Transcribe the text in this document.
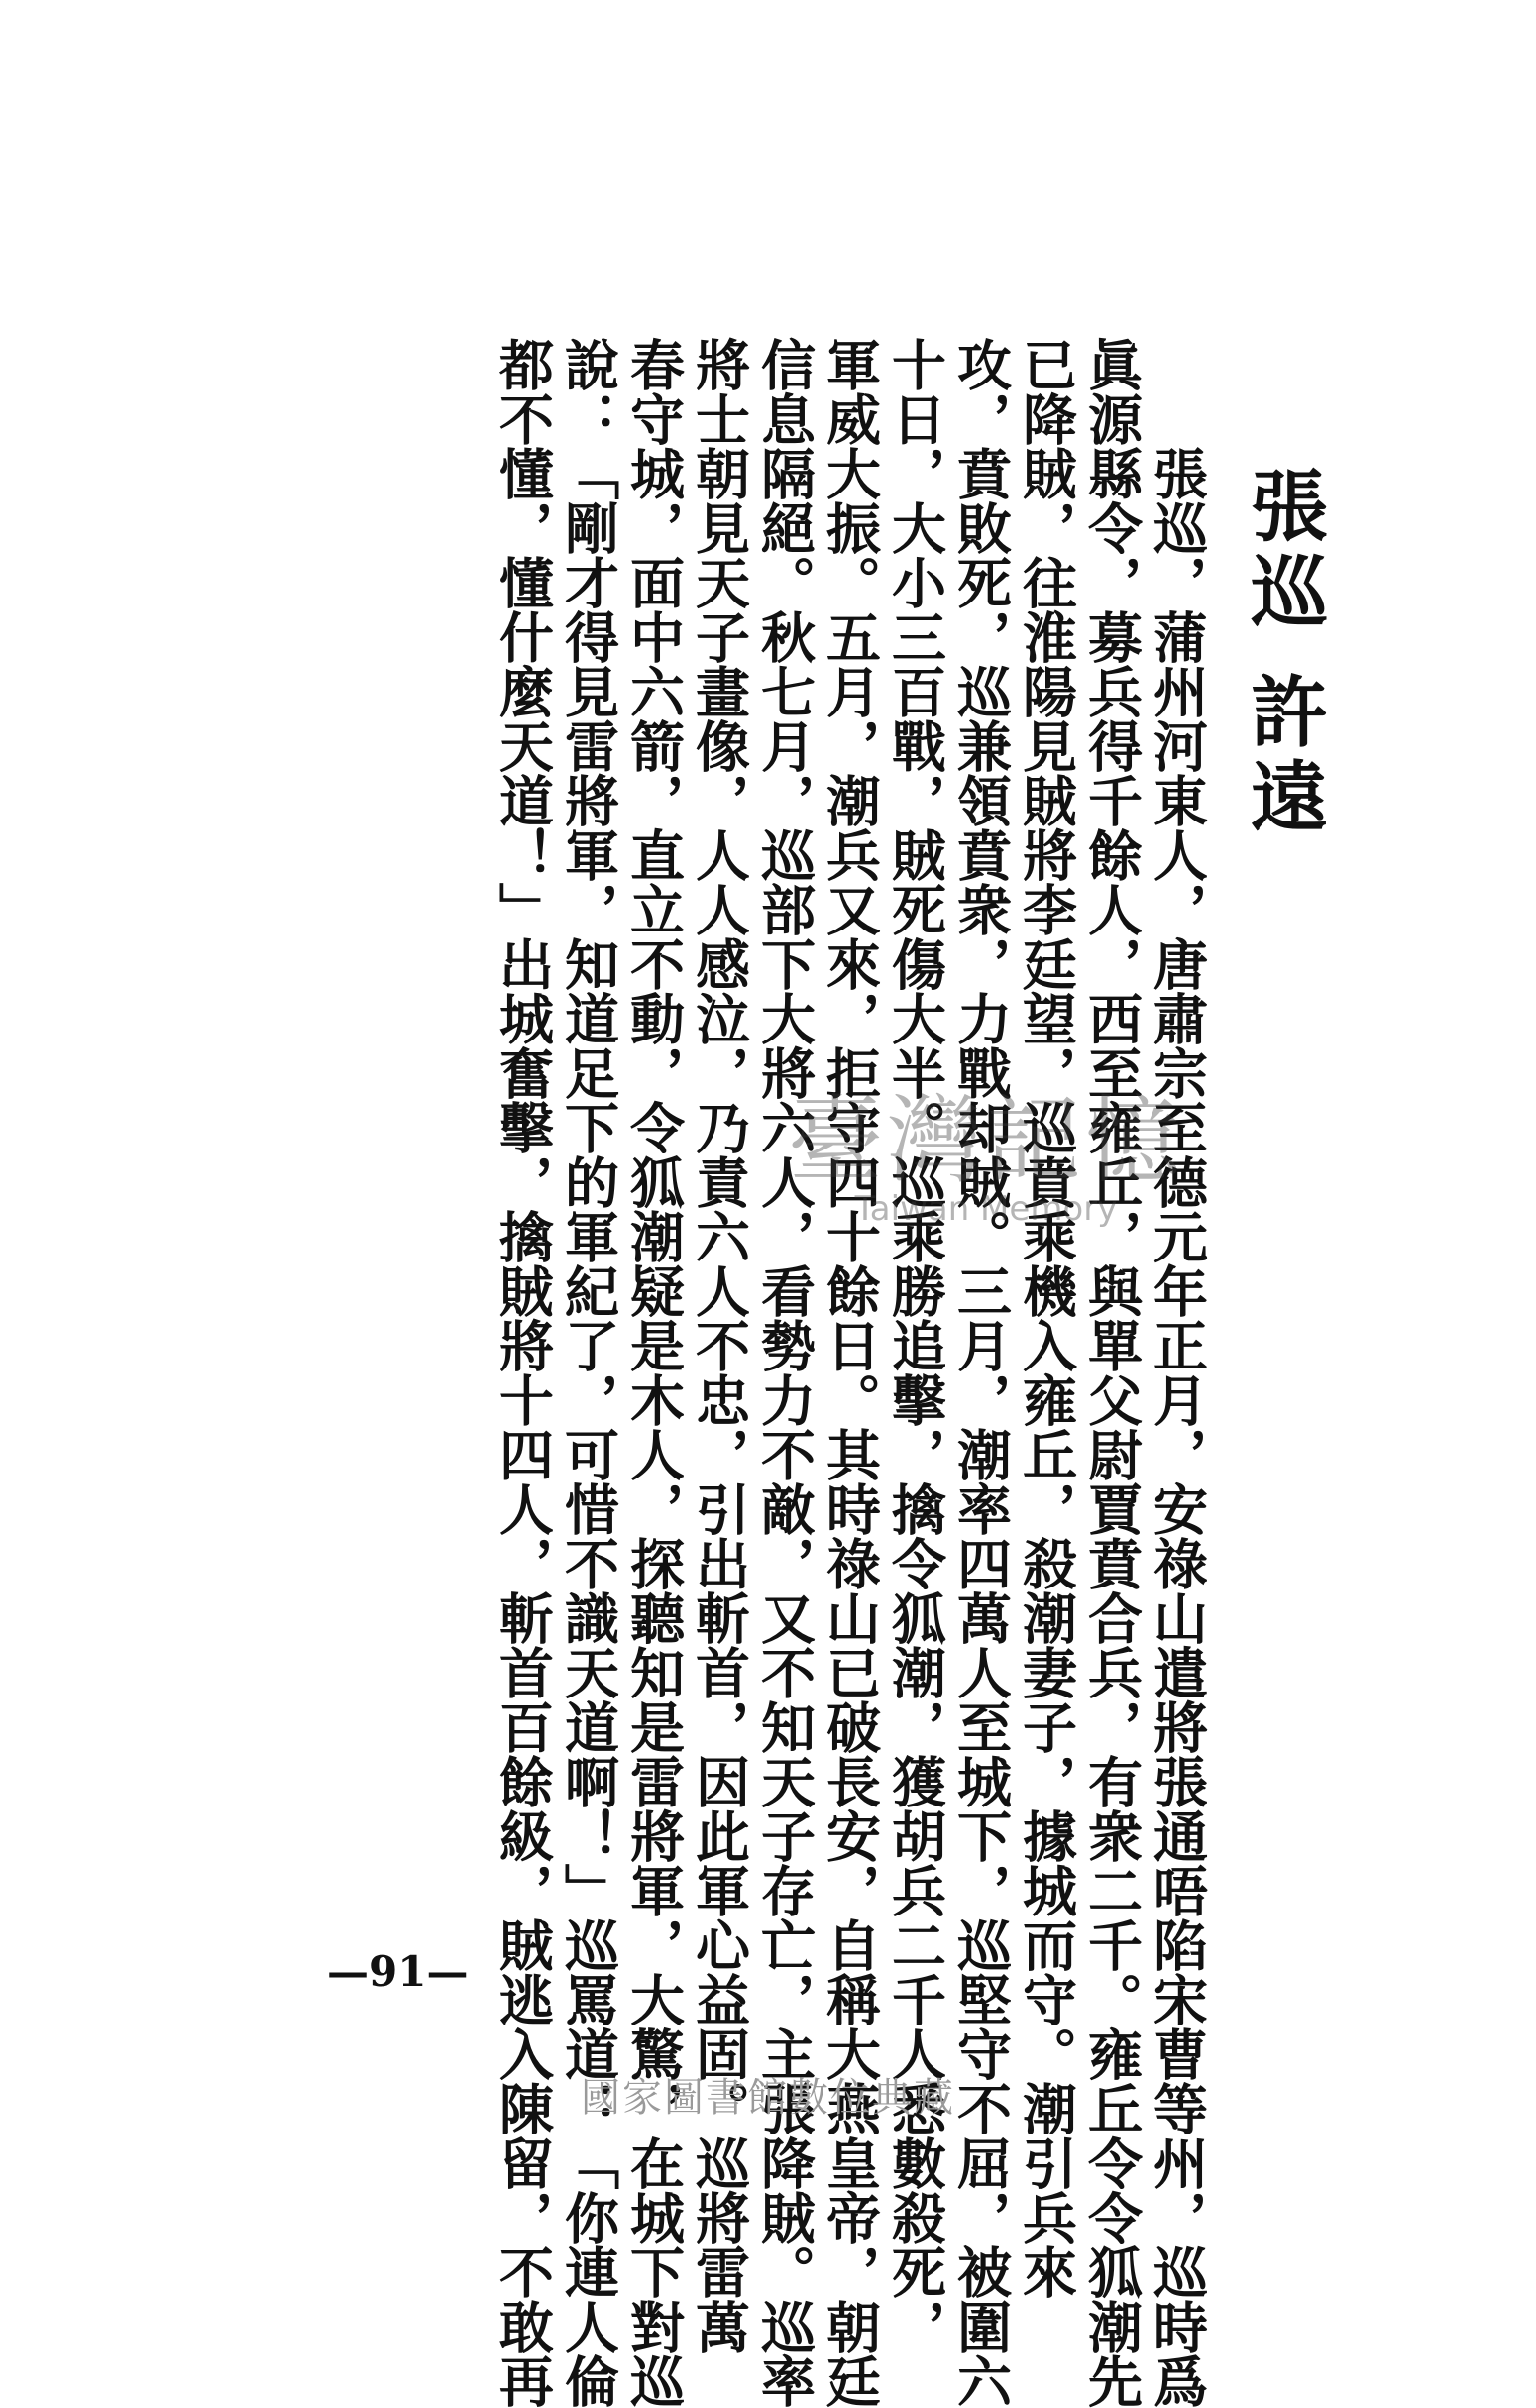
張巡 許遠

張巡，蒲州河東人，唐肅宗至德元年正月，安祿山遣將張通唔陷宋曹等州，巡時爲

眞源縣令，募兵得千餘人，西至雍丘，與單父尉賈賁合兵，有衆二千。雍丘令令狐潮先

已降賊，往淮陽見賊將李廷望，巡賁乘機入雍丘，殺潮妻子，據城而守。潮引兵來

攻，賁敗死，巡兼領賁衆，力戰却賊。三月，潮率四萬人至城下，巡堅守不屈，被圍六

十日，大小三百戰，賊死傷大半。巡乘勝追擊，擒令狐潮，獲胡兵二千人悉數殺死，

軍威大振。五月，潮兵又來，拒守四十餘日。其時祿山已破長安，自稱大燕皇帝，朝廷

信息隔絕。秋七月，巡部下大將六人，看勢力不敵，又不知天子存亡，主張降賊。巡率

將士朝見天子畫像，人人感泣，乃責六人不忠，引出斬首，因此軍心益固。巡將雷萬

春守城，面中六箭，直立不動，令狐潮疑是木人，探聽知是雷將軍，大驚，在城下對巡

說：「剛才得見雷將軍，知道足下的軍紀了，可惜不識天道啊！」巡罵道：「你連人倫

都不懂，懂什麼天道！」出城奮擊，擒賊將十四人，斬首百餘級，賊逃入陳留，不敢再

—91—
臺灣記憶
Taiwan Memory
國家圖書館數位典藏
